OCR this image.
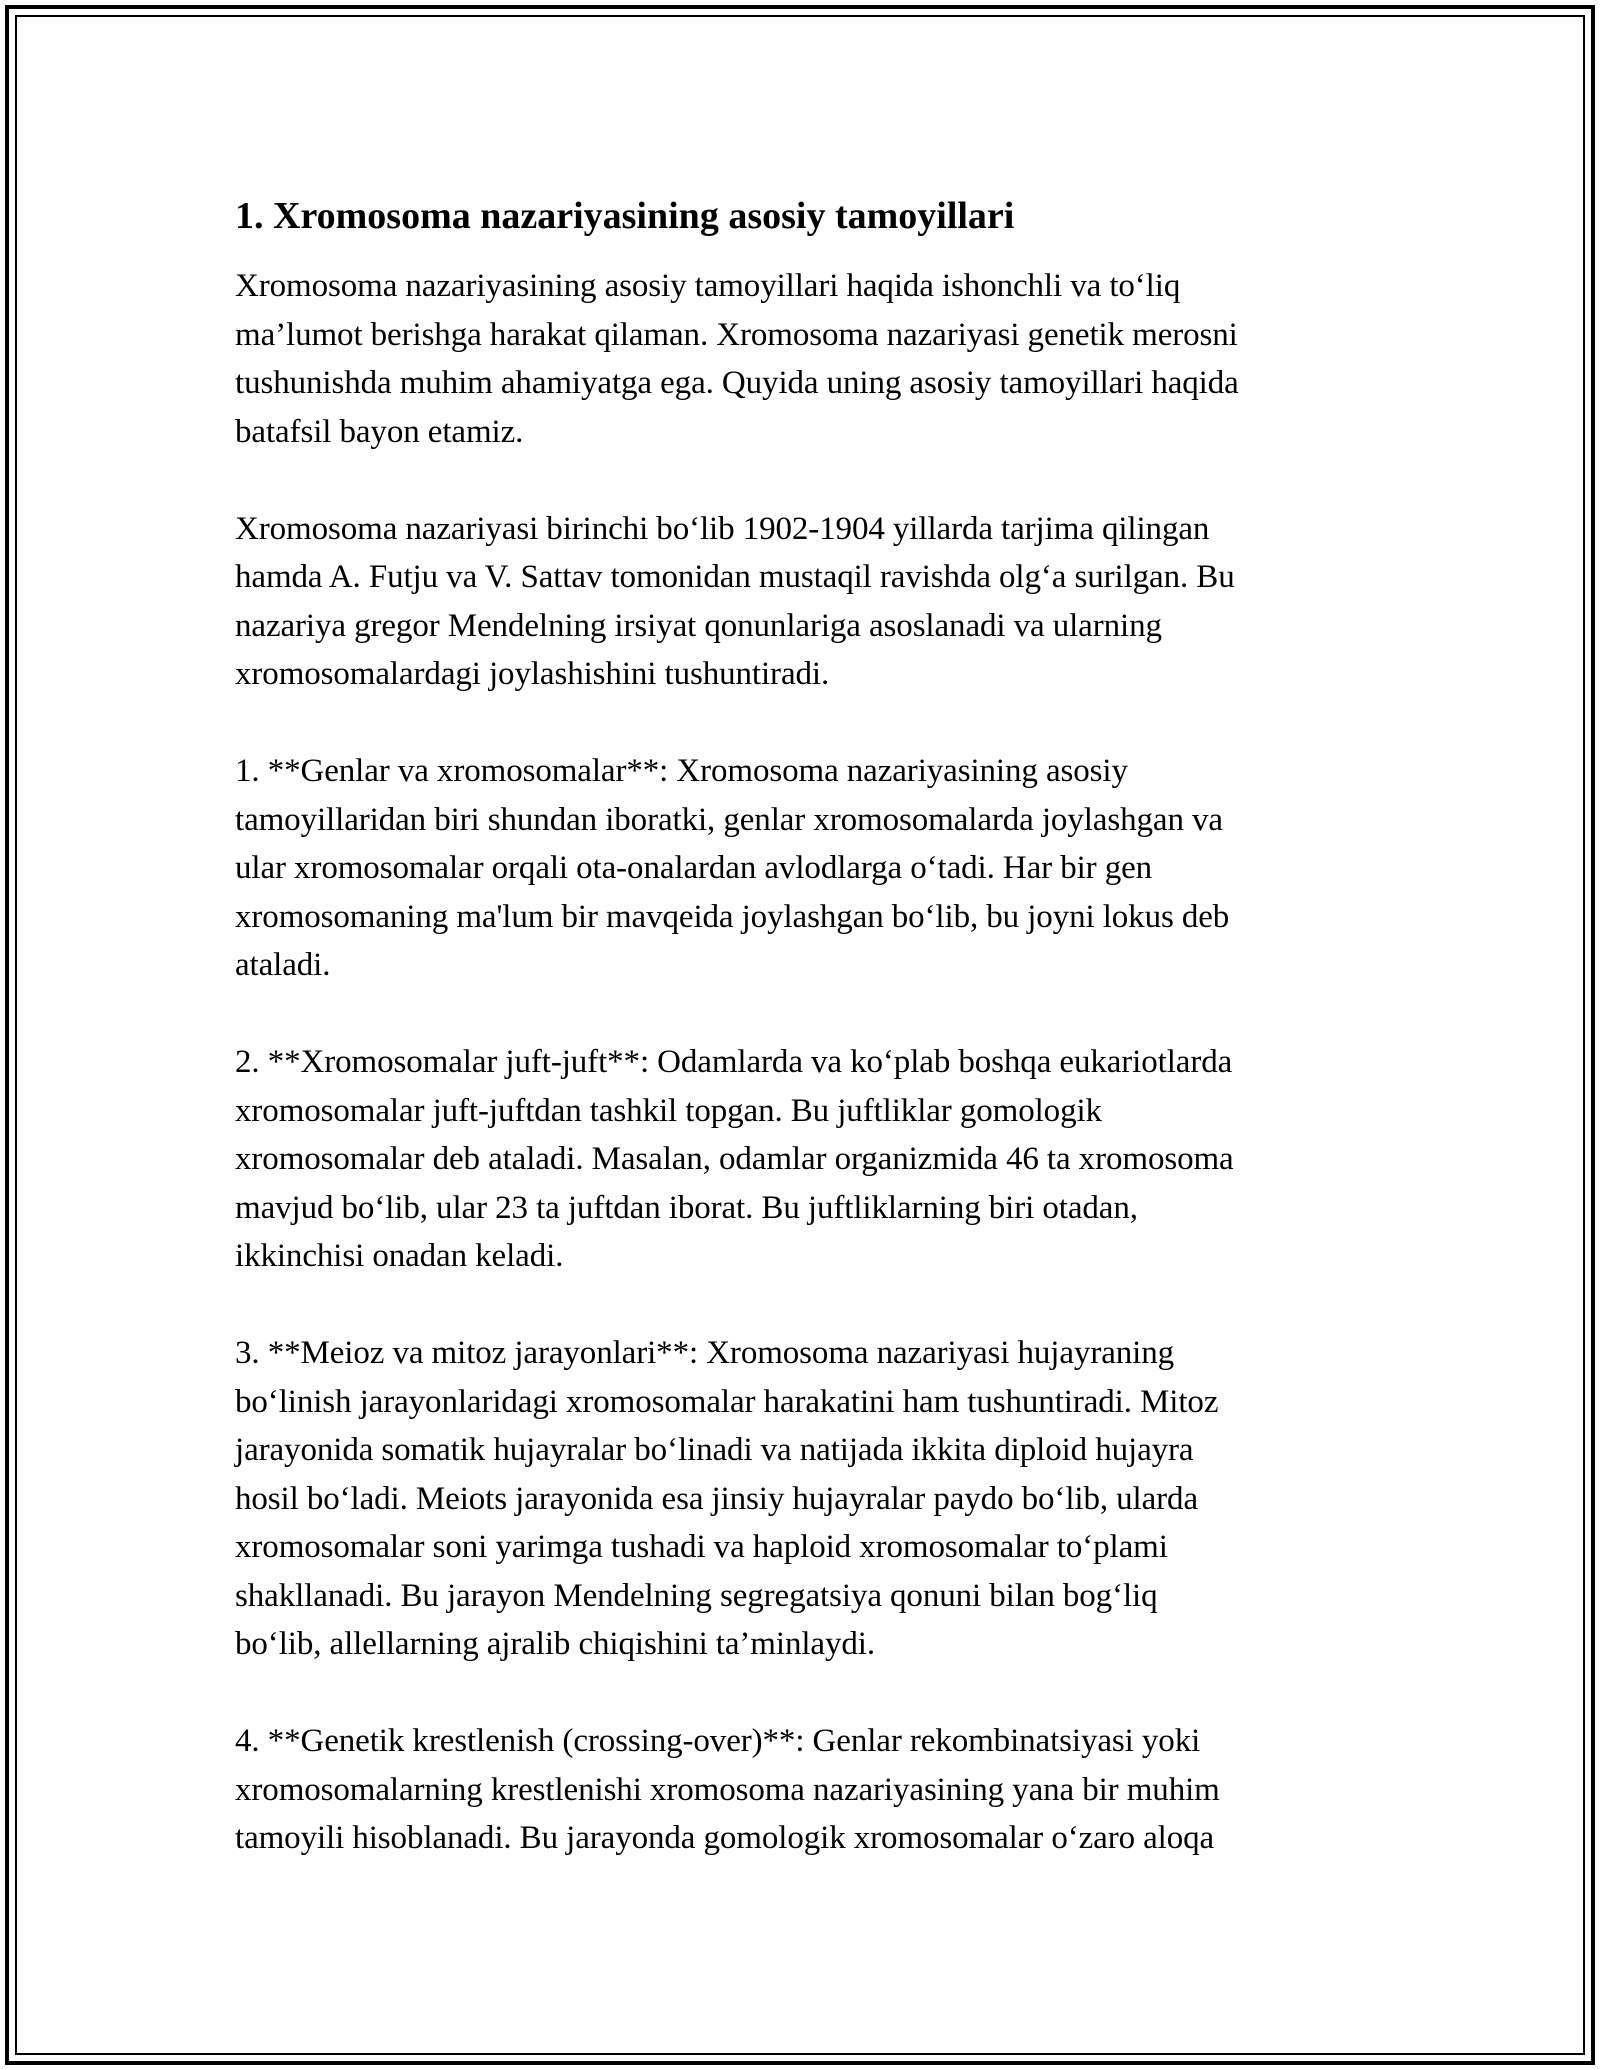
1. Xromosoma nazariyasining asosiy tamoyillari

Xromosoma nazariyasining asosiy tamoyillari haqida ishonchli va to‘liq
ma’lumot berishga harakat qilaman. Xromosoma nazariyasi genetik merosni
tushunishda muhim ahamiyatga ega. Quyida uning asosiy tamoyillari haqida
batafsil bayon etamiz.

Xromosoma nazariyasi birinchi bo‘lib 1902-1904 yillarda tarjima qilingan
hamda A. Futju va V. Sattav tomonidan mustaqil ravishda olg‘a surilgan. Bu
nazariya gregor Mendelning irsiyat qonunlariga asoslanadi va ularning
xromosomalardagi joylashishini tushuntiradi.

1. **Genlar va xromosomalar**: Xromosoma nazariyasining asosiy
tamoyillaridan biri shundan iboratki, genlar xromosomalarda joylashgan va
ular xromosomalar orqali ota-onalardan avlodlarga o‘tadi. Har bir gen
xromosomaning ma'lum bir mavqeida joylashgan bo‘lib, bu joyni lokus deb
ataladi.

2. **Xromosomalar juft-juft**: Odamlarda va ko‘plab boshqa eukariotlarda
xromosomalar juft-juftdan tashkil topgan. Bu juftliklar gomologik
xromosomalar deb ataladi. Masalan, odamlar organizmida 46 ta xromosoma
mavjud bo‘lib, ular 23 ta juftdan iborat. Bu juftliklarning biri otadan,
ikkinchisi onadan keladi.

3. **Meioz va mitoz jarayonlari**: Xromosoma nazariyasi hujayraning
bo‘linish jarayonlaridagi xromosomalar harakatini ham tushuntiradi. Mitoz
jarayonida somatik hujayralar bo‘linadi va natijada ikkita diploid hujayra
hosil bo‘ladi. Meiots jarayonida esa jinsiy hujayralar paydo bo‘lib, ularda
xromosomalar soni yarimga tushadi va haploid xromosomalar to‘plami
shakllanadi. Bu jarayon Mendelning segregatsiya qonuni bilan bog‘liq
bo‘lib, allellarning ajralib chiqishini ta’minlaydi.

4. **Genetik krestlenish (crossing-over)**: Genlar rekombinatsiyasi yoki
xromosomalarning krestlenishi xromosoma nazariyasining yana bir muhim
tamoyili hisoblanadi. Bu jarayonda gomologik xromosomalar o‘zaro aloqa
